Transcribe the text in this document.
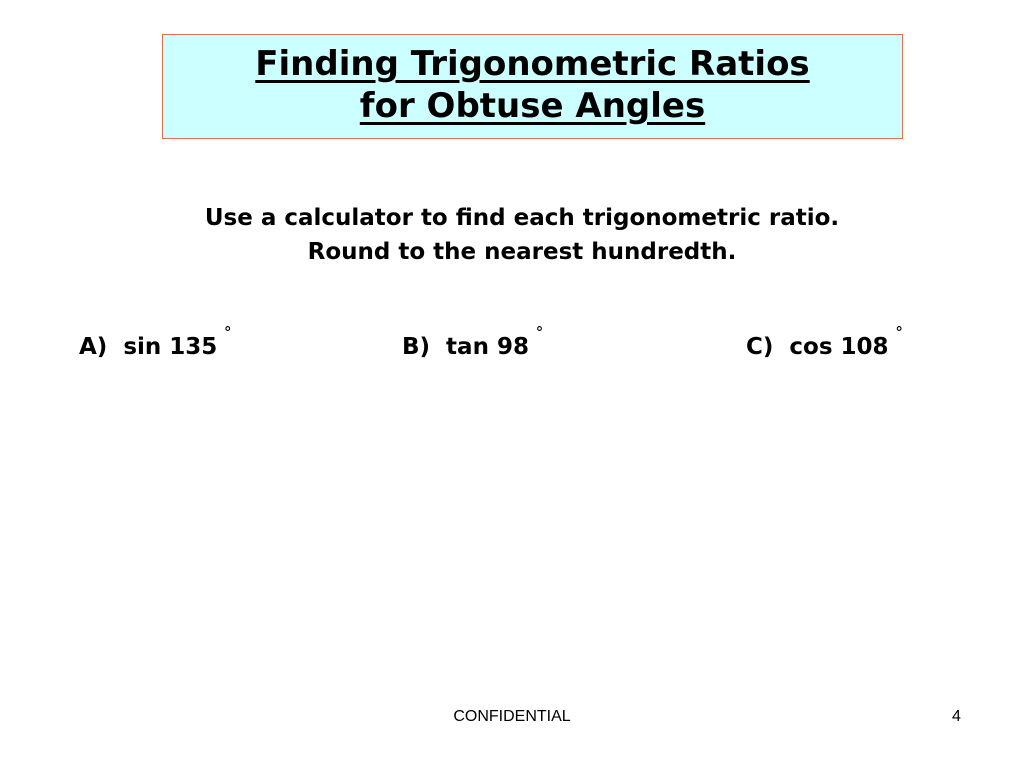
Finding Trigonometric Ratios
for Obtuse Angles
Use a calculator to find each trigonometric ratio.
Round to the nearest hundredth.
A)  sin 135 ˚	B)  tan 98 ˚	C)  cos 108 ˚
CONFIDENTIAL	4
